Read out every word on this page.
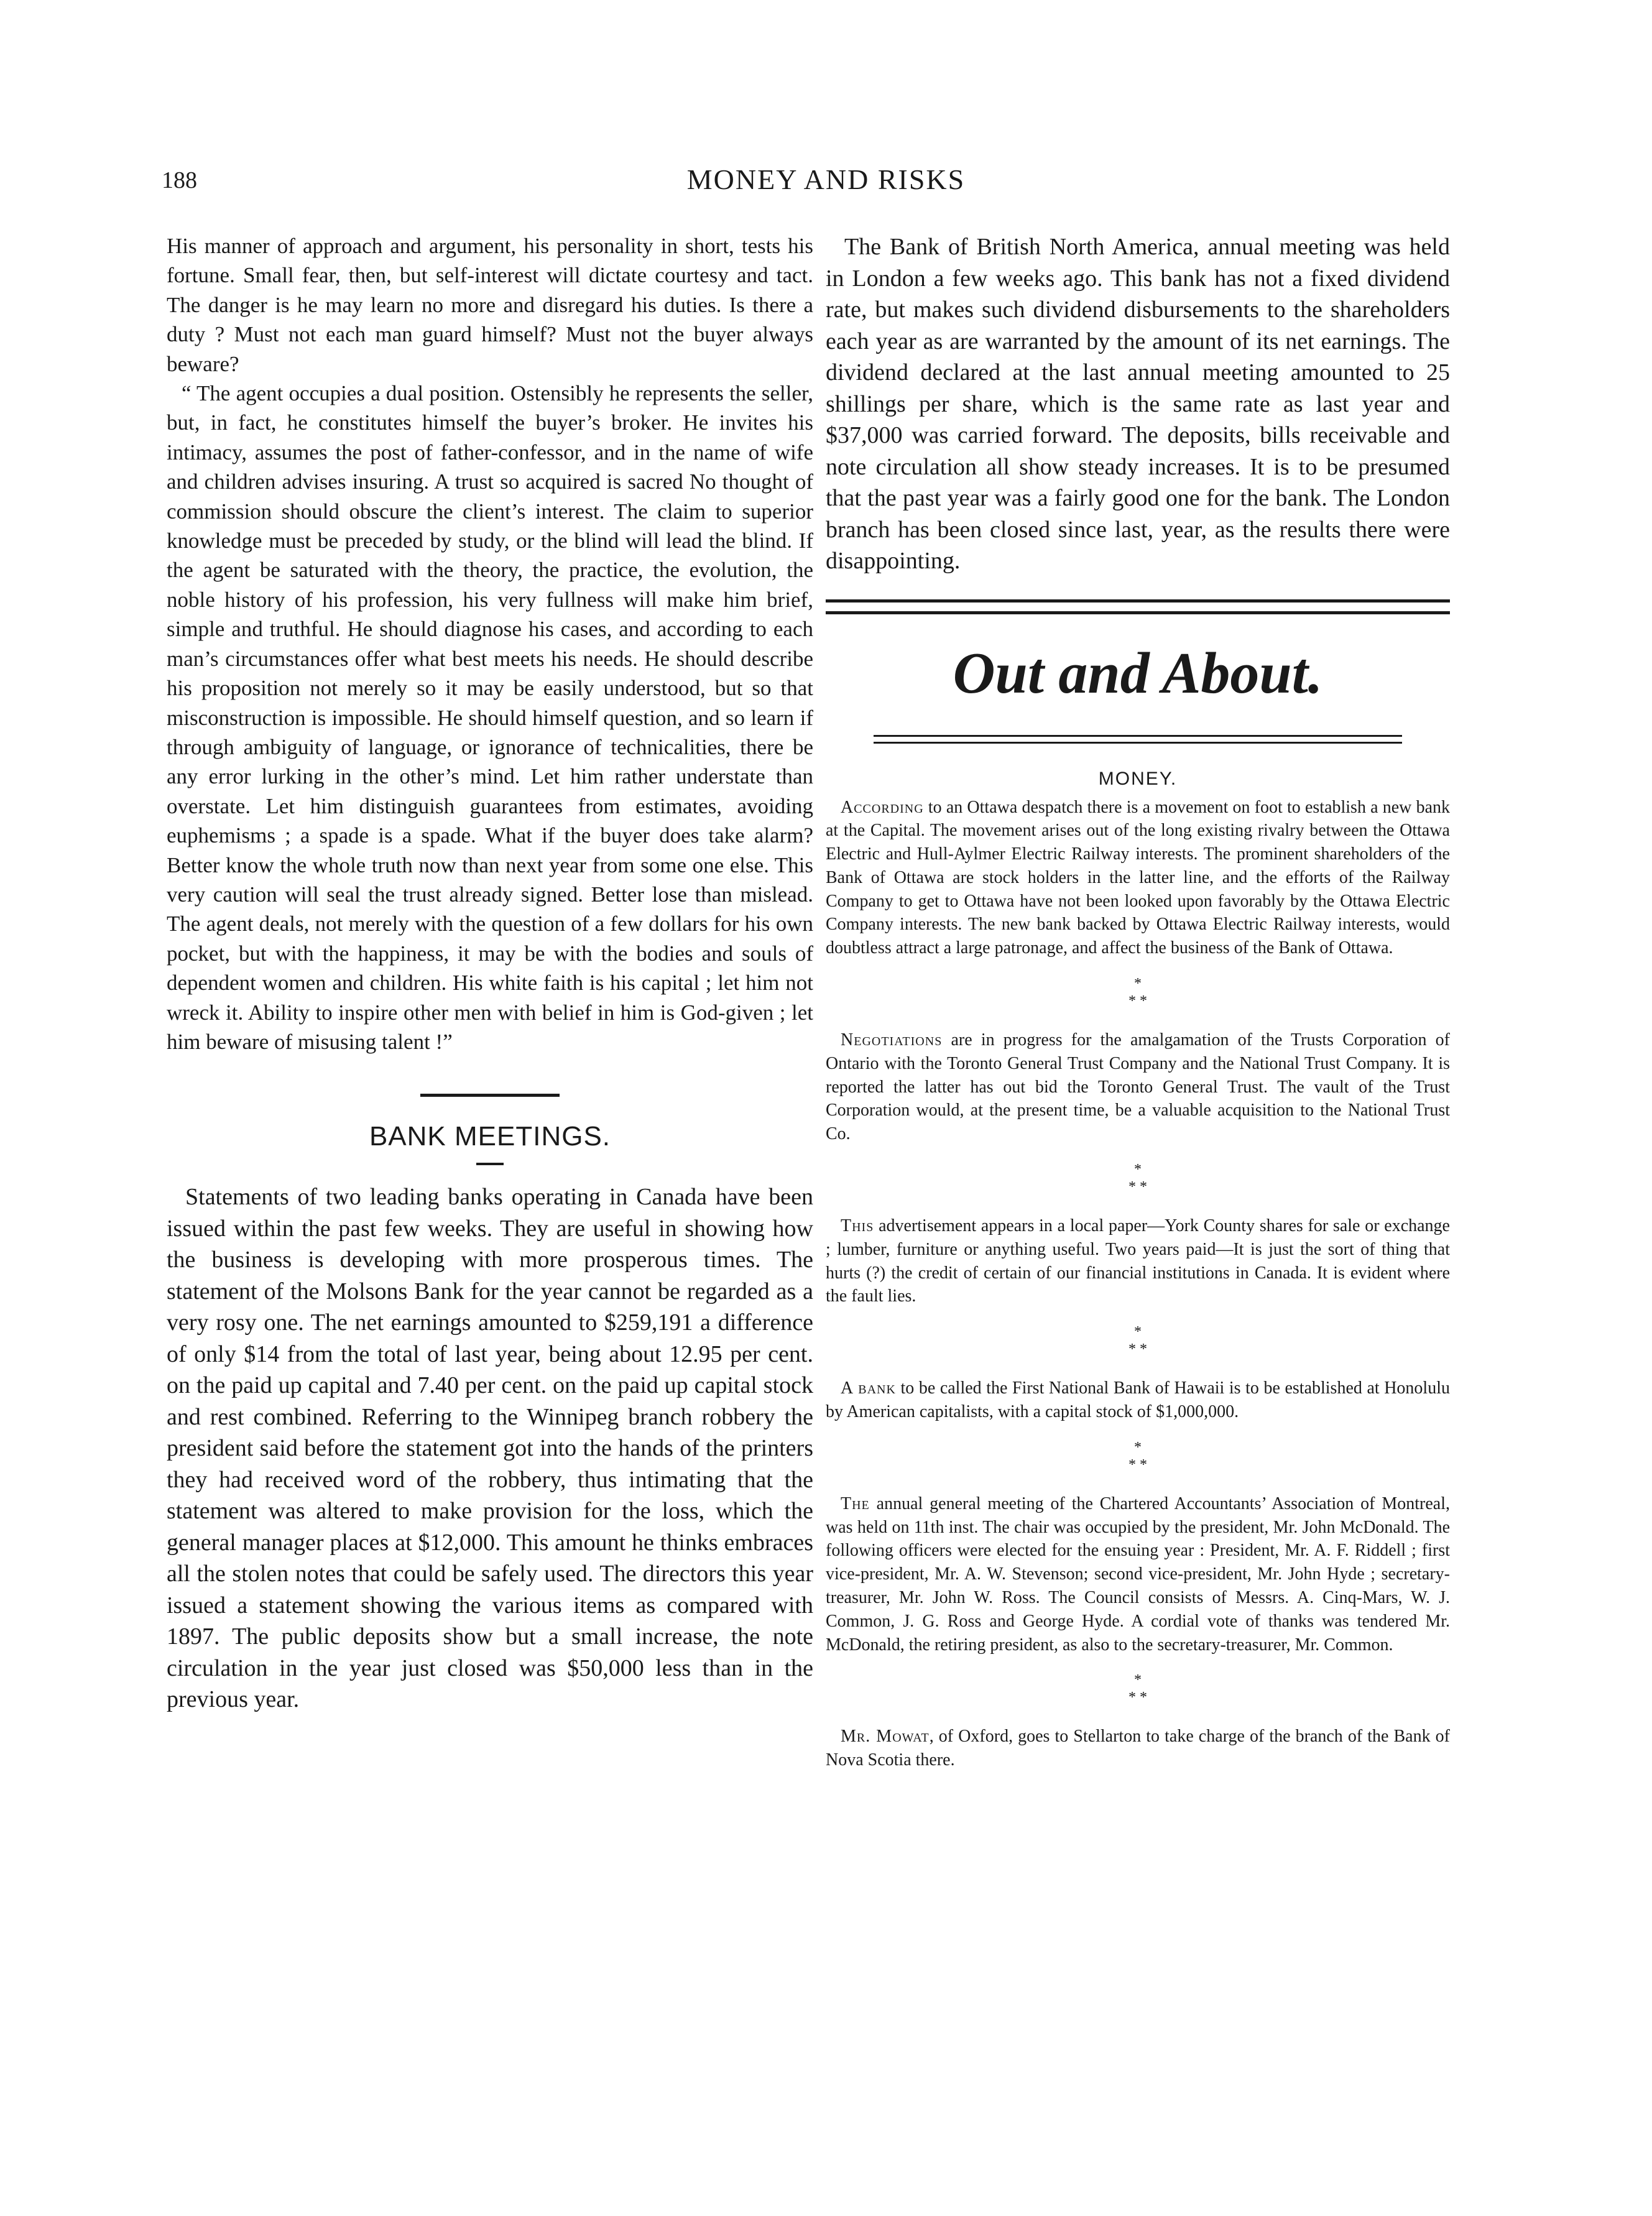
188	MONEY AND RISKS

His manner of approach and argument, his personality in short, tests his fortune. Small fear, then, but self-interest will dictate courtesy and tact. The danger is he may learn no more and disregard his duties. Is there a duty ? Must not each man guard himself? Must not the buyer always beware?

“ The agent occupies a dual position. Ostensibly he represents the seller, but, in fact, he constitutes himself the buyer’s broker. He invites his intimacy, assumes the post of father-confessor, and in the name of wife and children advises insuring. A trust so acquired is sacred No thought of commission should obscure the client’s interest. The claim to superior knowledge must be preceded by study, or the blind will lead the blind. If the agent be saturated with the theory, the practice, the evolution, the noble history of his profession, his very fullness will make him brief, simple and truthful. He should diagnose his cases, and according to each man’s circumstances offer what best meets his needs. He should describe his proposition not merely so it may be easily understood, but so that misconstruction is impossible. He should himself question, and so learn if through ambiguity of language, or ignorance of technicalities, there be any error lurking in the other’s mind. Let him rather understate than overstate. Let him distinguish guarantees from estimates, avoiding euphemisms ; a spade is a spade. What if the buyer does take alarm? Better know the whole truth now than next year from some one else. This very caution will seal the trust already signed. Better lose than mislead. The agent deals, not merely with the question of a few dollars for his own pocket, but with the happiness, it may be with the bodies and souls of dependent women and children. His white faith is his capital ; let him not wreck it. Ability to inspire other men with belief in him is God-given ; let him beware of misusing talent !”

BANK MEETINGS.

Statements of two leading banks operating in Canada have been issued within the past few weeks. They are useful in showing how the business is developing with more prosperous times. The statement of the Molsons Bank for the year cannot be regarded as a very rosy one. The net earnings amounted to $259,191 a difference of only $14 from the total of last year, being about 12.95 per cent. on the paid up capital and 7.40 per cent. on the paid up capital stock and rest combined. Referring to the Winnipeg branch robbery the president said before the statement got into the hands of the printers they had received word of the robbery, thus intimating that the statement was altered to make provision for the loss, which the general manager places at $12,000. This amount he thinks embraces all the stolen notes that could be safely used. The directors this year issued a statement showing the various items as compared with 1897. The public deposits show but a small increase, the note circulation in the year just closed was $50,000 less than in the previous year.

The Bank of British North America, annual meeting was held in London a few weeks ago. This bank has not a fixed dividend rate, but makes such dividend disbursements to the shareholders each year as are warranted by the amount of its net earnings. The dividend declared at the last annual meeting amounted to 25 shillings per share, which is the same rate as last year and $37,000 was carried forward. The deposits, bills receivable and note circulation all show steady increases. It is to be presumed that the past year was a fairly good one for the bank. The London branch has been closed since last, year, as the results there were disappointing.

Out and About.
MONEY.

According to an Ottawa despatch there is a movement on foot to establish a new bank at the Capital. The movement arises out of the long existing rivalry between the Ottawa Electric and Hull-Aylmer Electric Railway interests. The prominent shareholders of the Bank of Ottawa are stock holders in the latter line, and the efforts of the Railway Company to get to Ottawa have not been looked upon favorably by the Ottawa Electric Company interests. The new bank backed by Ottawa Electric Railway interests, would doubtless attract a large patronage, and affect the business of the Bank of Ottawa.

*
* *

Negotiations are in progress for the amalgamation of the Trusts Corporation of Ontario with the Toronto General Trust Company and the National Trust Company. It is reported the latter has out bid the Toronto General Trust. The vault of the Trust Corporation would, at the present time, be a valuable acquisition to the National Trust Co.

*
* *

This advertisement appears in a local paper—York County shares for sale or exchange ; lumber, furniture or anything useful. Two years paid—It is just the sort of thing that hurts (?) the credit of certain of our financial institutions in Canada. It is evident where the fault lies.

*
* *

A bank to be called the First National Bank of Hawaii is to be established at Honolulu by American capitalists, with a capital stock of $1,000,000.

*
* *

The annual general meeting of the Chartered Accountants’ Association of Montreal, was held on 11th inst. The chair was occupied by the president, Mr. John McDonald. The following officers were elected for the ensuing year : President, Mr. A. F. Riddell ; first vice-president, Mr. A. W. Stevenson; second vice-president, Mr. John Hyde ; secretary-treasurer, Mr. John W. Ross. The Council consists of Messrs. A. Cinq-Mars, W. J. Common, J. G. Ross and George Hyde. A cordial vote of thanks was tendered Mr. McDonald, the retiring president, as also to the secretary-treasurer, Mr. Common.

*
* *

Mr. Mowat, of Oxford, goes to Stellarton to take charge of the branch of the Bank of Nova Scotia there.
